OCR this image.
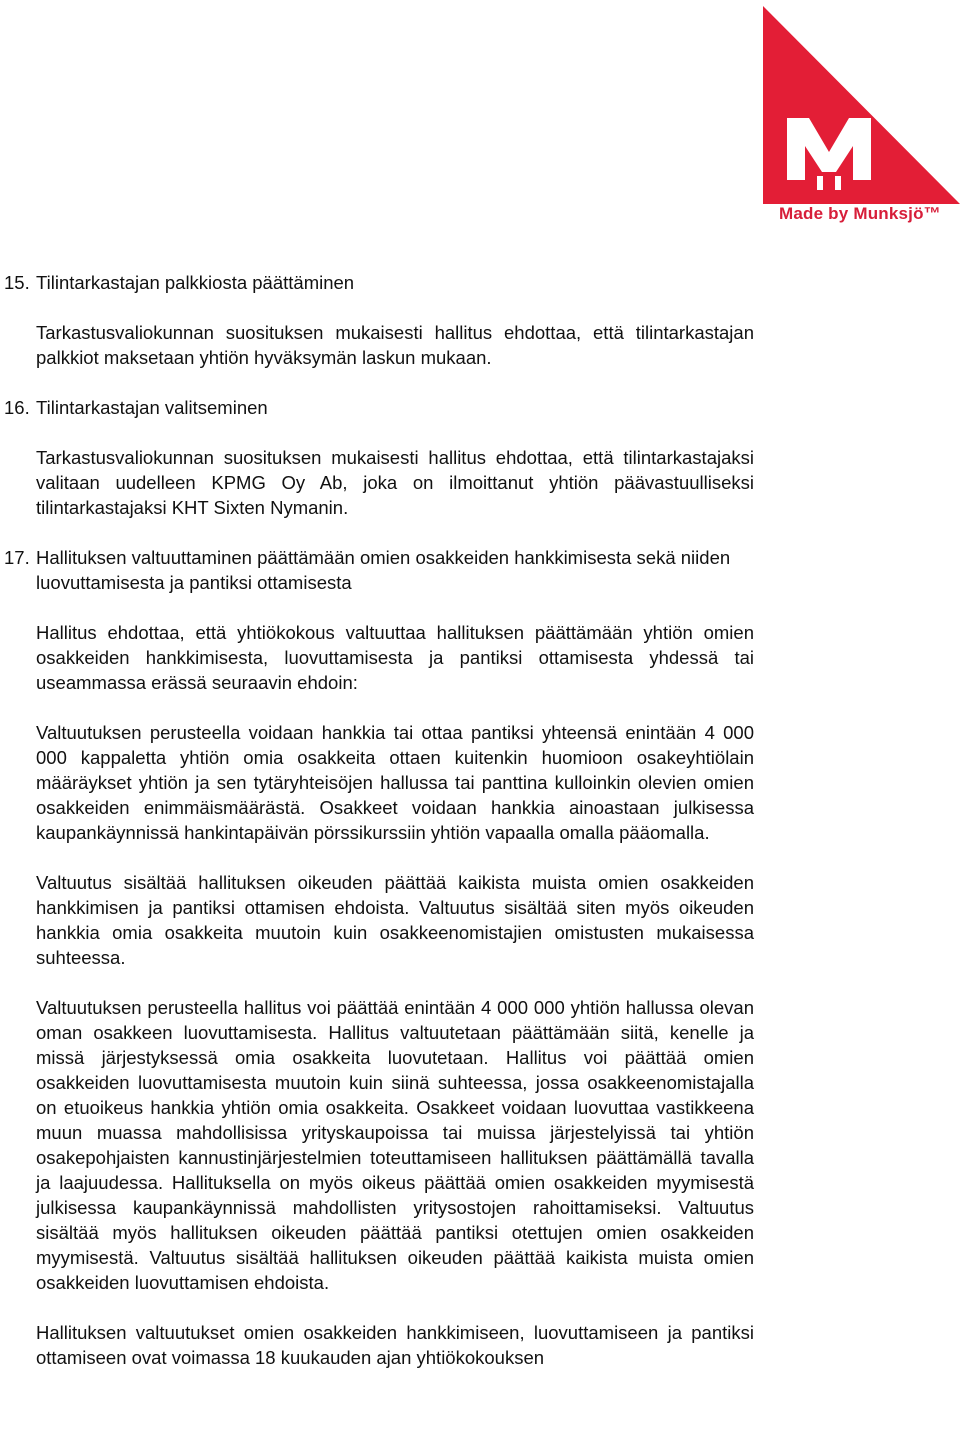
Made by Munksjö™

15. Tilintarkastajan palkkiosta päättäminen

Tarkastusvaliokunnan suosituksen mukaisesti hallitus ehdottaa, että tilintarkastajan palkkiot maksetaan yhtiön hyväksymän laskun mukaan.

16. Tilintarkastajan valitseminen

Tarkastusvaliokunnan suosituksen mukaisesti hallitus ehdottaa, että tilintarkastajaksi valitaan uudelleen KPMG Oy Ab, joka on ilmoittanut yhtiön päävastuulliseksi tilintarkastajaksi KHT Sixten Nymanin.

17. Hallituksen valtuuttaminen päättämään omien osakkeiden hankkimisesta sekä niiden luovuttamisesta ja pantiksi ottamisesta

Hallitus ehdottaa, että yhtiökokous valtuuttaa hallituksen päättämään yhtiön omien osakkeiden hankkimisesta, luovuttamisesta ja pantiksi ottamisesta yhdessä tai useammassa erässä seuraavin ehdoin:

Valtuutuksen perusteella voidaan hankkia tai ottaa pantiksi yhteensä enintään 4 000 000 kappaletta yhtiön omia osakkeita ottaen kuitenkin huomioon osakeyhtiölain määräykset yhtiön ja sen tytäryhteisöjen hallussa tai panttina kulloinkin olevien omien osakkeiden enimmäismäärästä. Osakkeet voidaan hankkia ainoastaan julkisessa kaupankäynnissä hankintapäivän pörssikurssiin yhtiön vapaalla omalla pääomalla.

Valtuutus sisältää hallituksen oikeuden päättää kaikista muista omien osakkeiden hankkimisen ja pantiksi ottamisen ehdoista. Valtuutus sisältää siten myös oikeuden hankkia omia osakkeita muutoin kuin osakkeenomistajien omistusten mukaisessa suhteessa.

Valtuutuksen perusteella hallitus voi päättää enintään 4 000 000 yhtiön hallussa olevan oman osakkeen luovuttamisesta. Hallitus valtuutetaan päättämään siitä, kenelle ja missä järjestyksessä omia osakkeita luovutetaan. Hallitus voi päättää omien osakkeiden luovuttamisesta muutoin kuin siinä suhteessa, jossa osakkeenomistajalla on etuoikeus hankkia yhtiön omia osakkeita. Osakkeet voidaan luovuttaa vastikkeena muun muassa mahdollisissa yrityskaupoissa tai muissa järjestelyissä tai yhtiön osakepohjaisten kannustinjärjestelmien toteuttamiseen hallituksen päättämällä tavalla ja laajuudessa. Hallituksella on myös oikeus päättää omien osakkeiden myymisestä julkisessa kaupankäynnissä mahdollisten yritysostojen rahoittamiseksi. Valtuutus sisältää myös hallituksen oikeuden päättää pantiksi otettujen omien osakkeiden myymisestä. Valtuutus sisältää hallituksen oikeuden päättää kaikista muista omien osakkeiden luovuttamisen ehdoista.

Hallituksen valtuutukset omien osakkeiden hankkimiseen, luovuttamiseen ja pantiksi ottamiseen ovat voimassa 18 kuukauden ajan yhtiökokouksen
